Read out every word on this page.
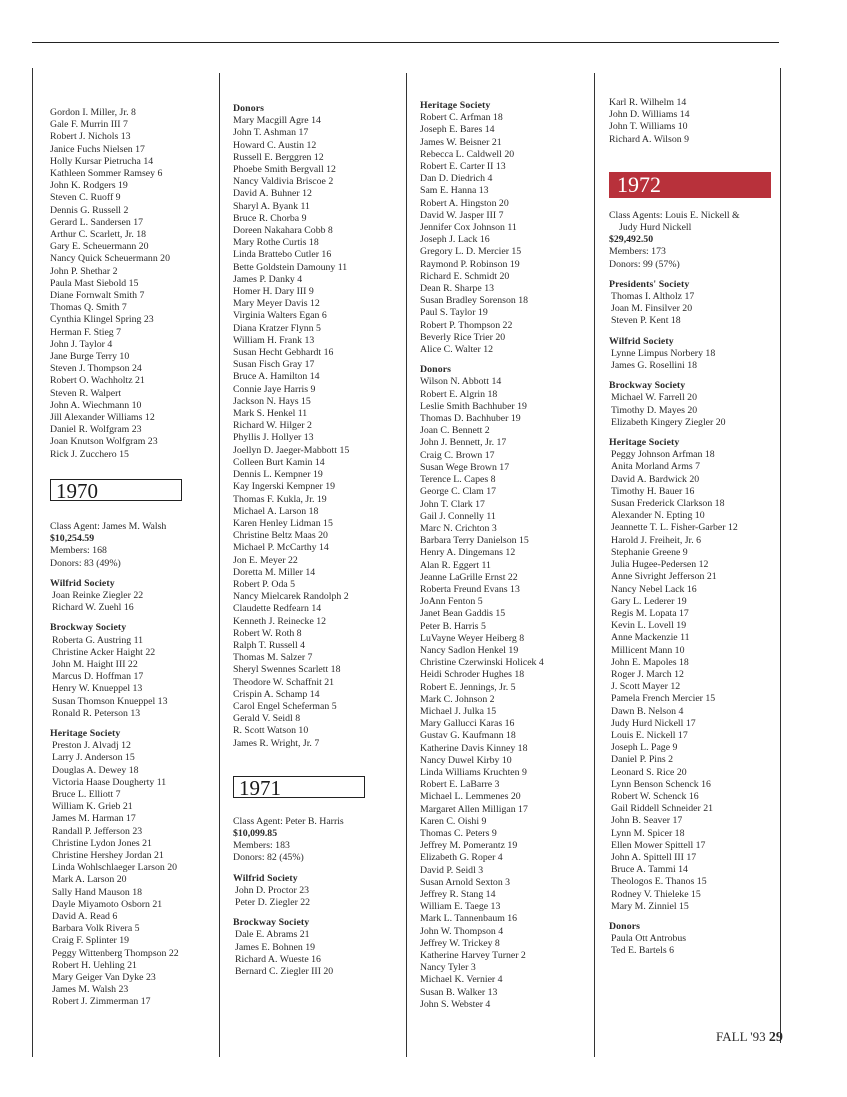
Gordon I. Miller, Jr. 8
Gale F. Murrin III 7
Robert J. Nichols 13
Janice Fuchs Nielsen 17
Holly Kursar Pietrucha 14
Kathleen Sommer Ramsey 6
John K. Rodgers 19
Steven C. Ruoff 9
Dennis G. Russell 2
Gerard L. Sandersen 17
Arthur C. Scarlett, Jr. 18
Gary E. Scheuermann 20
Nancy Quick Scheuermann 20
John P. Shethar 2
Paula Mast Siebold 15
Diane Fornwalt Smith 7
Thomas Q. Smith 7
Cynthia Klingel Spring 23
Herman F. Stieg 7
John J. Taylor 4
Jane Burge Terry 10
Steven J. Thompson 24
Robert O. Wachholtz 21
Steven R. Walpert
John A. Wiechmann 10
Jill Alexander Williams 12
Daniel R. Wolfgram 23
Joan Knutson Wolfgram 23
Rick J. Zucchero 15
1970
Class Agent: James M. Walsh
$10,254.59
Members: 168
Donors: 83 (49%)
Wilfrid Society
Joan Reinke Ziegler 22
Richard W. Zuehl 16
Brockway Society
Roberta G. Austring 11
Christine Acker Haight 22
John M. Haight III 22
Marcus D. Hoffman 17
Henry W. Knueppel 13
Susan Thomson Knueppel 13
Ronald R. Peterson 13
Heritage Society
Preston J. Alvadj 12
Larry J. Anderson 15
Douglas A. Dewey 18
Victoria Haase Dougherty 11
Bruce L. Elliott 7
William K. Grieb 21
James M. Harman 17
Randall P. Jefferson 23
Christine Lydon Jones 21
Christine Hershey Jordan 21
Linda Wohlschlaeger Larson 20
Mark A. Larson 20
Sally Hand Mauson 18
Dayle Miyamoto Osborn 21
David A. Read 6
Barbara Volk Rivera 5
Craig F. Splinter 19
Peggy Wittenberg Thompson 22
Robert H. Uehling 21
Mary Geiger Van Dyke 23
James M. Walsh 23
Robert J. Zimmerman 17
Donors
Mary Macgill Agre 14
John T. Ashman 17
Howard C. Austin 12
Russell E. Berggren 12
Phoebe Smith Bergvall 12
Nancy Valdivia Briscoe 2
David A. Buhner 12
Sharyl A. Byank 11
Bruce R. Chorba 9
Doreen Nakahara Cobb 8
Mary Rothe Curtis 18
Linda Brattebo Cutler 16
Bette Goldstein Damouny 11
James P. Danky 4
Homer H. Dary III 9
Mary Meyer Davis 12
Virginia Walters Egan 6
Diana Kratzer Flynn 5
William H. Frank 13
Susan Hecht Gebhardt 16
Susan Fisch Gray 17
Bruce A. Hamilton 14
Connie Jaye Harris 9
Jackson N. Hays 15
Mark S. Henkel 11
Richard W. Hilger 2
Phyllis J. Hollyer 13
Joellyn D. Jaeger-Mabbott 15
Colleen Burt Kamin 14
Dennis L. Kempner 19
Kay Ingerski Kempner 19
Thomas F. Kukla, Jr. 19
Michael A. Larson 18
Karen Henley Lidman 15
Christine Beltz Maas 20
Michael P. McCarthy 14
Jon E. Meyer 22
Doretta M. Miller 14
Robert P. Oda 5
Nancy Mielcarek Randolph 2
Claudette Redfearn 14
Kenneth J. Reinecke 12
Robert W. Roth 8
Ralph T. Russell 4
Thomas M. Salzer 7
Sheryl Swennes Scarlett 18
Theodore W. Schaffnit 21
Crispin A. Schamp 14
Carol Engel Scheferman 5
Gerald V. Seidl 8
R. Scott Watson 10
James R. Wright, Jr. 7
1971
Class Agent: Peter B. Harris
$10,099.85
Members: 183
Donors: 82 (45%)
Wilfrid Society
John D. Proctor 23
Peter D. Ziegler 22
Brockway Society
Dale E. Abrams 21
James E. Bohnen 19
Richard A. Wueste 16
Bernard C. Ziegler III 20
Heritage Society
Robert C. Arfman 18
Joseph E. Bares 14
James W. Beisner 21
Rebecca L. Caldwell 20
Robert E. Carter II 13
Dan D. Diedrich 4
Sam E. Hanna 13
Robert A. Hingston 20
David W. Jasper III 7
Jennifer Cox Johnson 11
Joseph J. Lack 16
Gregory L. D. Mercier 15
Raymond P. Robinson 19
Richard E. Schmidt 20
Dean R. Sharpe 13
Susan Bradley Sorenson 18
Paul S. Taylor 19
Robert P. Thompson 22
Beverly Rice Trier 20
Alice C. Walter 12
Donors
Wilson N. Abbott 14
Robert E. Algrin 18
Leslie Smith Bachhuber 19
Thomas D. Bachhuber 19
Joan C. Bennett 2
John J. Bennett, Jr. 17
Craig C. Brown 17
Susan Wege Brown 17
Terence L. Capes 8
George C. Clam 17
John T. Clark 17
Gail J. Connelly 11
Marc N. Crichton 3
Barbara Terry Danielson 15
Henry A. Dingemans 12
Alan R. Eggert 11
Jeanne LaGrille Ernst 22
Roberta Freund Evans 13
JoAnn Fenton 5
Janet Bean Gaddis 15
Peter B. Harris 5
LuVayne Weyer Heiberg 8
Nancy Sadlon Henkel 19
Christine Czerwinski Holicek 4
Heidi Schroder Hughes 18
Robert E. Jennings, Jr. 5
Mark C. Johnson 2
Michael J. Julka 15
Mary Gallucci Karas 16
Gustav G. Kaufmann 18
Katherine Davis Kinney 18
Nancy Duwel Kirby 10
Linda Williams Kruchten 9
Robert E. LaBarre 3
Michael L. Lemmenes 20
Margaret Allen Milligan 17
Karen C. Oishi 9
Thomas C. Peters 9
Jeffrey M. Pomerantz 19
Elizabeth G. Roper 4
David P. Seidl 3
Susan Arnold Sexton 3
Jeffrey R. Stang 14
William E. Taege 13
Mark L. Tannenbaum 16
John W. Thompson 4
Jeffrey W. Trickey 8
Katherine Harvey Turner 2
Nancy Tyler 3
Michael K. Vernier 4
Susan B. Walker 13
John S. Webster 4
Karl R. Wilhelm 14
John D. Williams 14
John T. Williams 10
Richard A. Wilson 9
1972
Class Agents: Louis E. Nickell &
Judy Hurd Nickell
$29,492.50
Members: 173
Donors: 99 (57%)
Presidents' Society
Thomas I. Altholz 17
Joan M. Finsilver 20
Steven P. Kent 18
Wilfrid Society
Lynne Limpus Norbery 18
James G. Rosellini 18
Brockway Society
Michael W. Farrell 20
Timothy D. Mayes 20
Elizabeth Kingery Ziegler 20
Heritage Society
Peggy Johnson Arfman 18
Anita Morland Arms 7
David A. Bardwick 20
Timothy H. Bauer 16
Susan Frederick Clarkson 18
Alexander N. Epting 10
Jeannette T. L. Fisher-Garber 12
Harold J. Freiheit, Jr. 6
Stephanie Greene 9
Julia Hugee-Pedersen 12
Anne Sivright Jefferson 21
Nancy Nebel Lack 16
Gary L. Lederer 19
Regis M. Lopata 17
Kevin L. Lovell 19
Anne Mackenzie 11
Millicent Mann 10
John E. Mapoles 18
Roger J. March 12
J. Scott Mayer 12
Pamela French Mercier 15
Dawn B. Nelson 4
Judy Hurd Nickell 17
Louis E. Nickell 17
Joseph L. Page 9
Daniel P. Pins 2
Leonard S. Rice 20
Lynn Benson Schenck 16
Robert W. Schenck 16
Gail Riddell Schneider 21
John B. Seaver 17
Lynn M. Spicer 18
Ellen Mower Spittell 17
John A. Spittell III 17
Bruce A. Tammi 14
Theologos E. Thanos 15
Rodney V. Thieleke 15
Mary M. Zinniel 15
Donors
Paula Ott Antrobus
Ted E. Bartels 6
FALL '93 29
